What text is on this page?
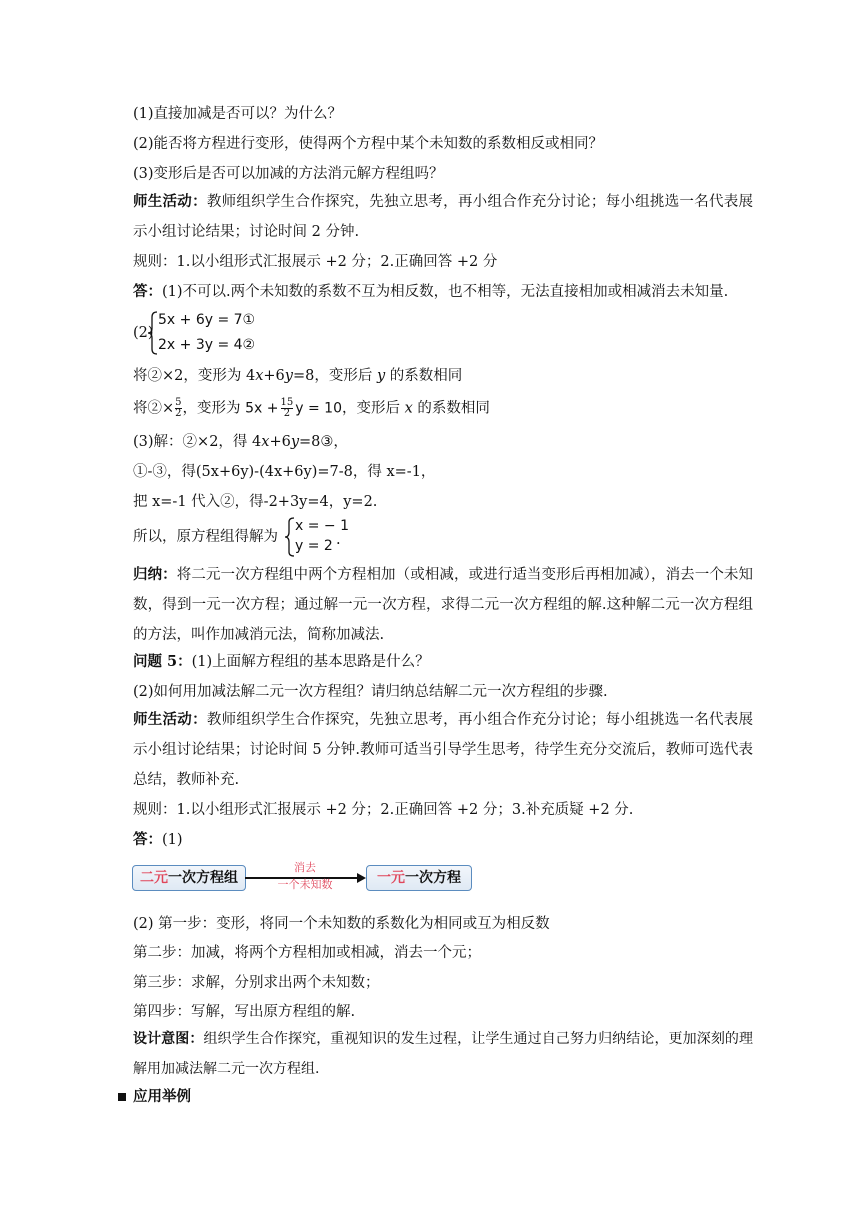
(1)直接加减是否可以？为什么？
(2)能否将方程进行变形，使得两个方程中某个未知数的系数相反或相同？
(3)变形后是否可以加减的方法消元解方程组吗？
师生活动：教师组织学生合作探究，先独立思考，再小组合作充分讨论；每小组挑选一名代表展示小组讨论结果；讨论时间 2 分钟.
规则：1.以小组形式汇报展示 +2 分；2.正确回答 +2 分
答：(1)不可以.两个未知数的系数不互为相反数，也不相等，无法直接相加或相减消去未知量.
(2)
5x + 6y = 7①
2x + 3y = 4②
将②×2，变形为 4x+6y=8，变形后 y 的系数相同
将②× $\frac{5}{2}$ ，变形为 $5x + \frac{15}{2}$ y = 10，变形后 x 的系数相同
(3)解：②×2，得 4x+6y=8③，
①-③，得(5x+6y)-(4x+6y)=7-8，得 x=-1，
把 x=-1 代入②，得-2+3y=4，y=2.
所以，原方程组得解为
x = − 1
y = 2 .
归纳：将二元一次方程组中两个方程相加（或相减，或进行适当变形后再相加减），消去一个未知数，得到一元一次方程；通过解一元一次方程，求得二元一次方程组的解.这种解二元一次方程组的方法，叫作加减消元法，简称加减法.
问题 5：(1)上面解方程组的基本思路是什么？
(2)如何用加减法解二元一次方程组？请归纳总结解二元一次方程组的步骤.
师生活动：教师组织学生合作探究，先独立思考，再小组合作充分讨论；每小组挑选一名代表展示小组讨论结果；讨论时间 5 分钟.教师可适当引导学生思考，待学生充分交流后，教师可选代表总结，教师补充.
规则：1.以小组形式汇报展示 +2 分；2.正确回答 +2 分；3.补充质疑 +2 分.
答：(1)
二元一次方程组
消去
一个未知数	一元一次方程
(2) 第一步：变形，将同一个未知数的系数化为相同或互为相反数
第二步：加减，将两个方程相加或相减，消去一个元；
第三步：求解，分别求出两个未知数；
第四步：写解，写出原方程组的解.
设计意图：组织学生合作探究，重视知识的发生过程，让学生通过自己努力归纳结论，更加深刻的理解用加减法解二元一次方程组.
应用举例
